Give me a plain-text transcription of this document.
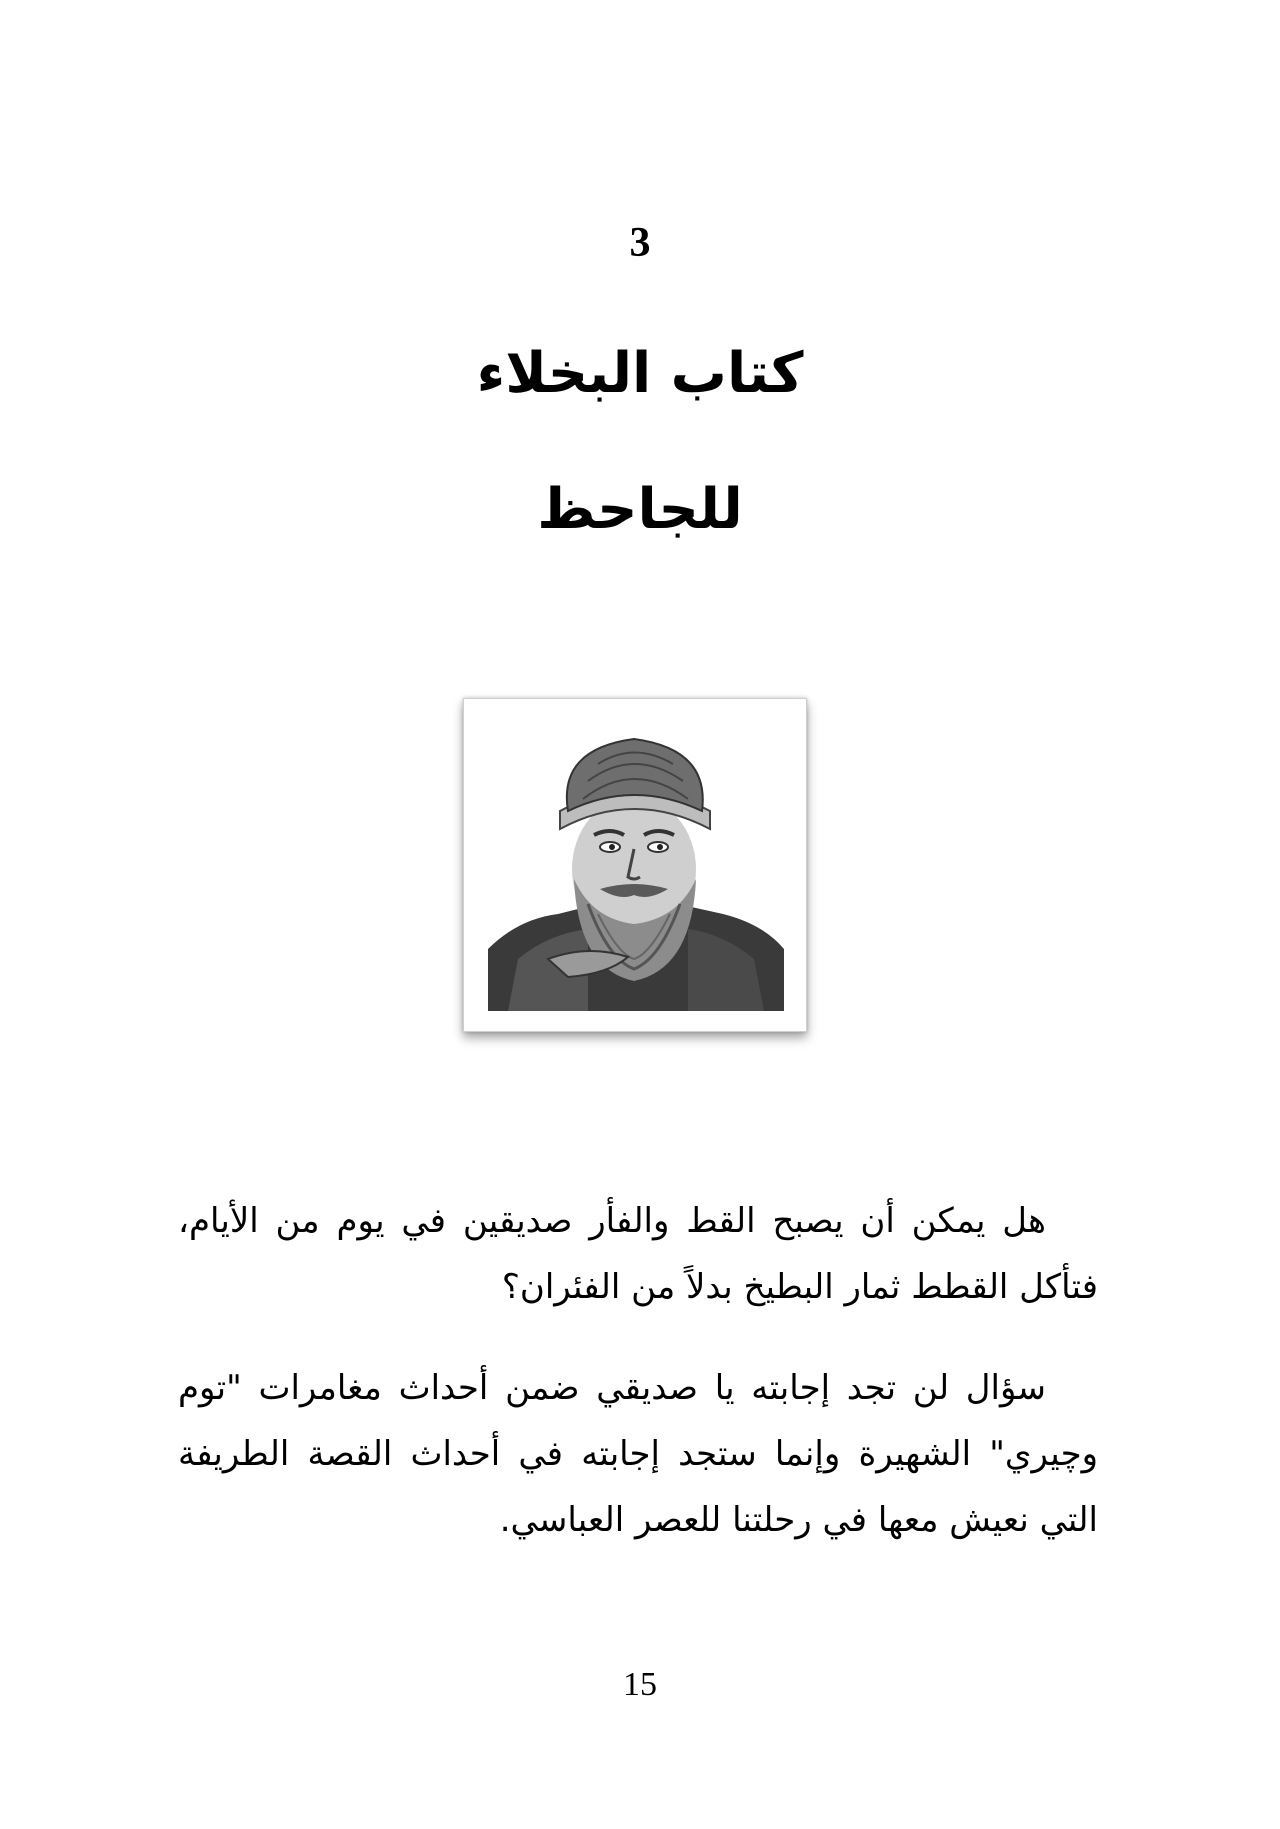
3
كتاب البخلاء
للجاحظ
هل يمكن أن يصبح القط والفأر صديقين في يوم من الأيام، فتأكل القطط ثمار البطيخ بدلاً من الفئران؟
سؤال لن تجد إجابته يا صديقي ضمن أحداث مغامرات "توم وچيري" الشهيرة وإنما ستجد إجابته في أحداث القصة الطريفة التي نعيش معها في رحلتنا للعصر العباسي.
15
